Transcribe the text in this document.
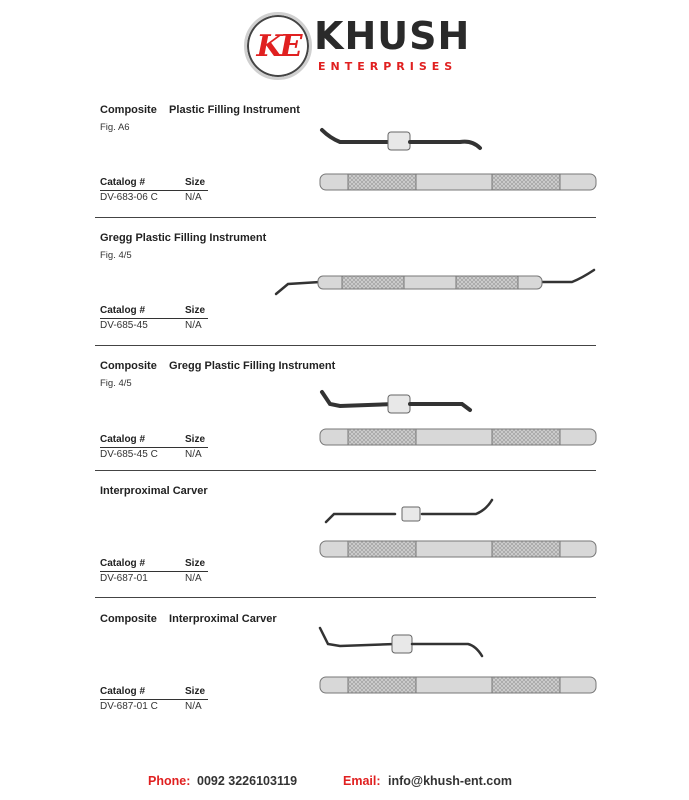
KE KHUSH
ENTERPRISES
Composite    Plastic Filling Instrument
Fig. A6
Catalog #	Size
DV-683-06 C	N/A
Gregg Plastic Filling Instrument
Fig. 4/5
Catalog #	Size
DV-685-45	N/A
Composite    Gregg Plastic Filling Instrument
Fig. 4/5
Catalog #	Size
DV-685-45 C	N/A
Interproximal Carver
Catalog #	Size
DV-687-01	N/A
Composite    Interproximal Carver
Catalog #	Size
DV-687-01 C	N/A
Phone: 0092 3226103119	Email: info@khush-ent.com
